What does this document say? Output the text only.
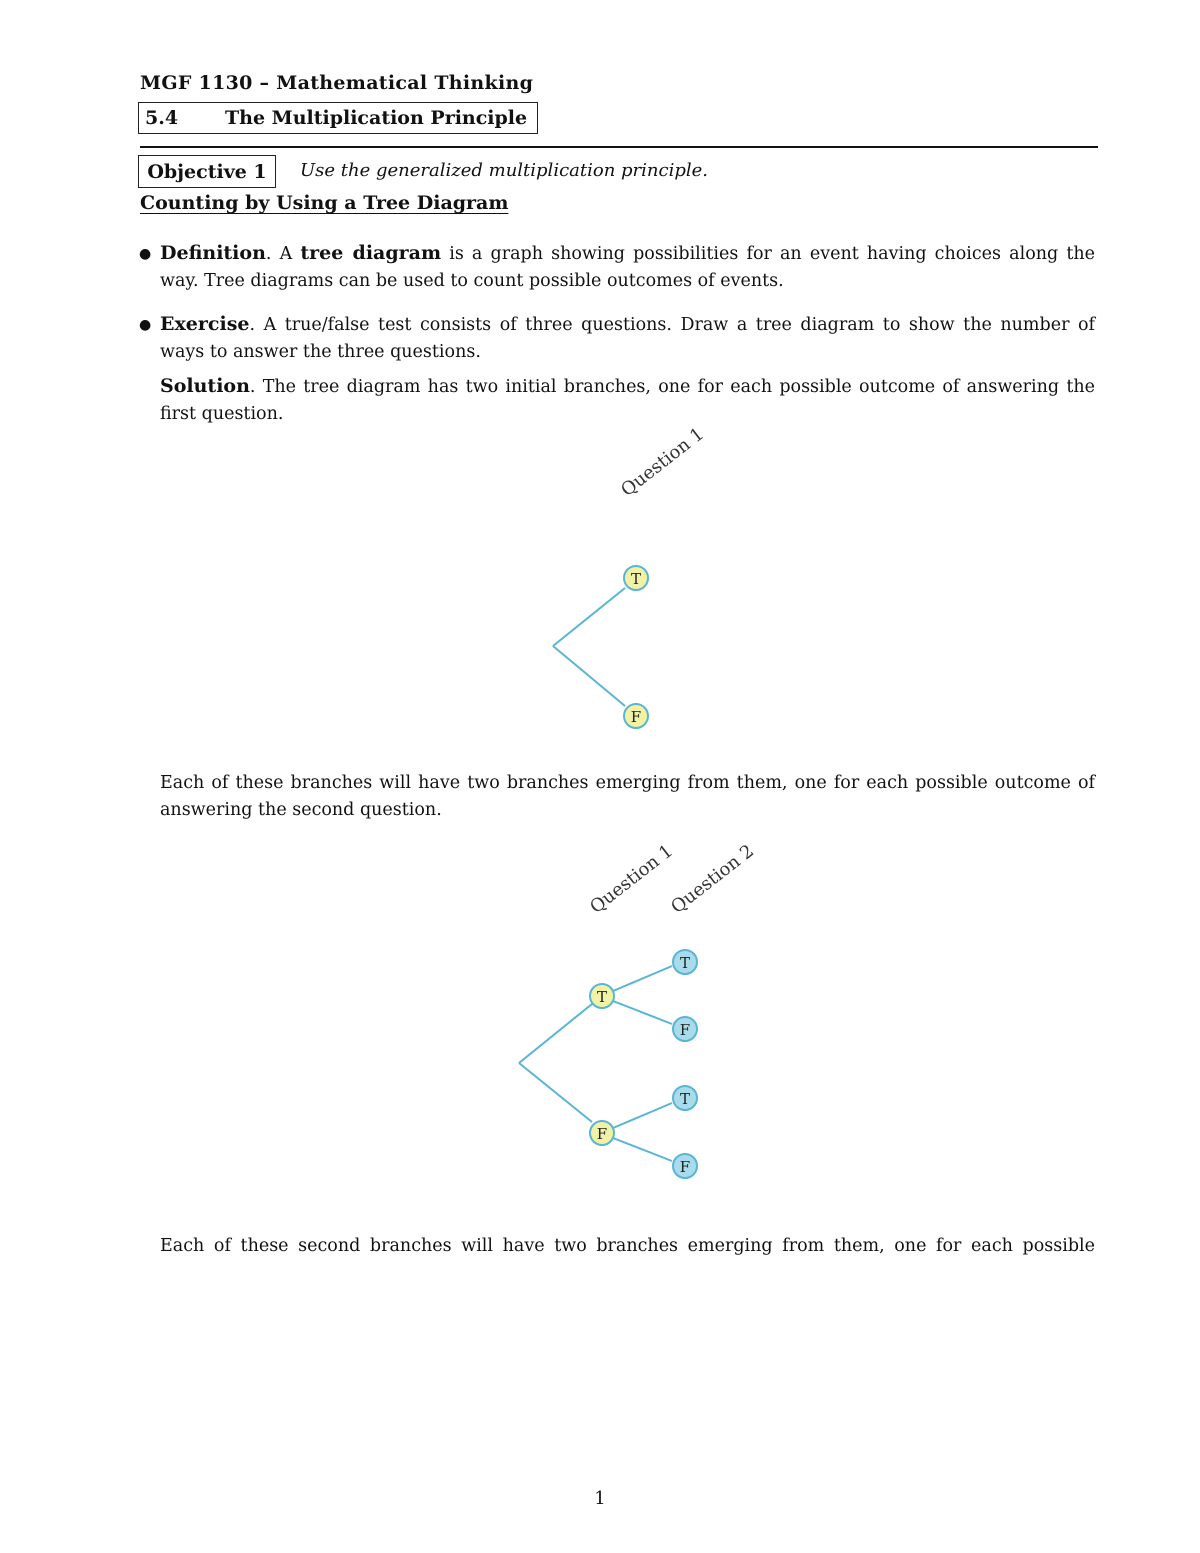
MGF 1130 – Mathematical Thinking
5.4	The Multiplication Principle
Objective 1	Use the generalized multiplication principle.
Counting by Using a Tree Diagram
● Definition. A tree diagram is a graph showing possibilities for an event having choices along the way. Tree diagrams can be used to count possible outcomes of events.
● Exercise. A true/false test consists of three questions. Draw a tree diagram to show the number of ways to answer the three questions.
Solution. The tree diagram has two initial branches, one for each possible outcome of answering the first question.
Question 1
T
F
Question 1
Question 2
T
F
T
F
T
F
Each of these branches will have two branches emerging from them, one for each possible outcome of answering the second question.
Each of these second branches will have two branches emerging from them, one for each possible
1
